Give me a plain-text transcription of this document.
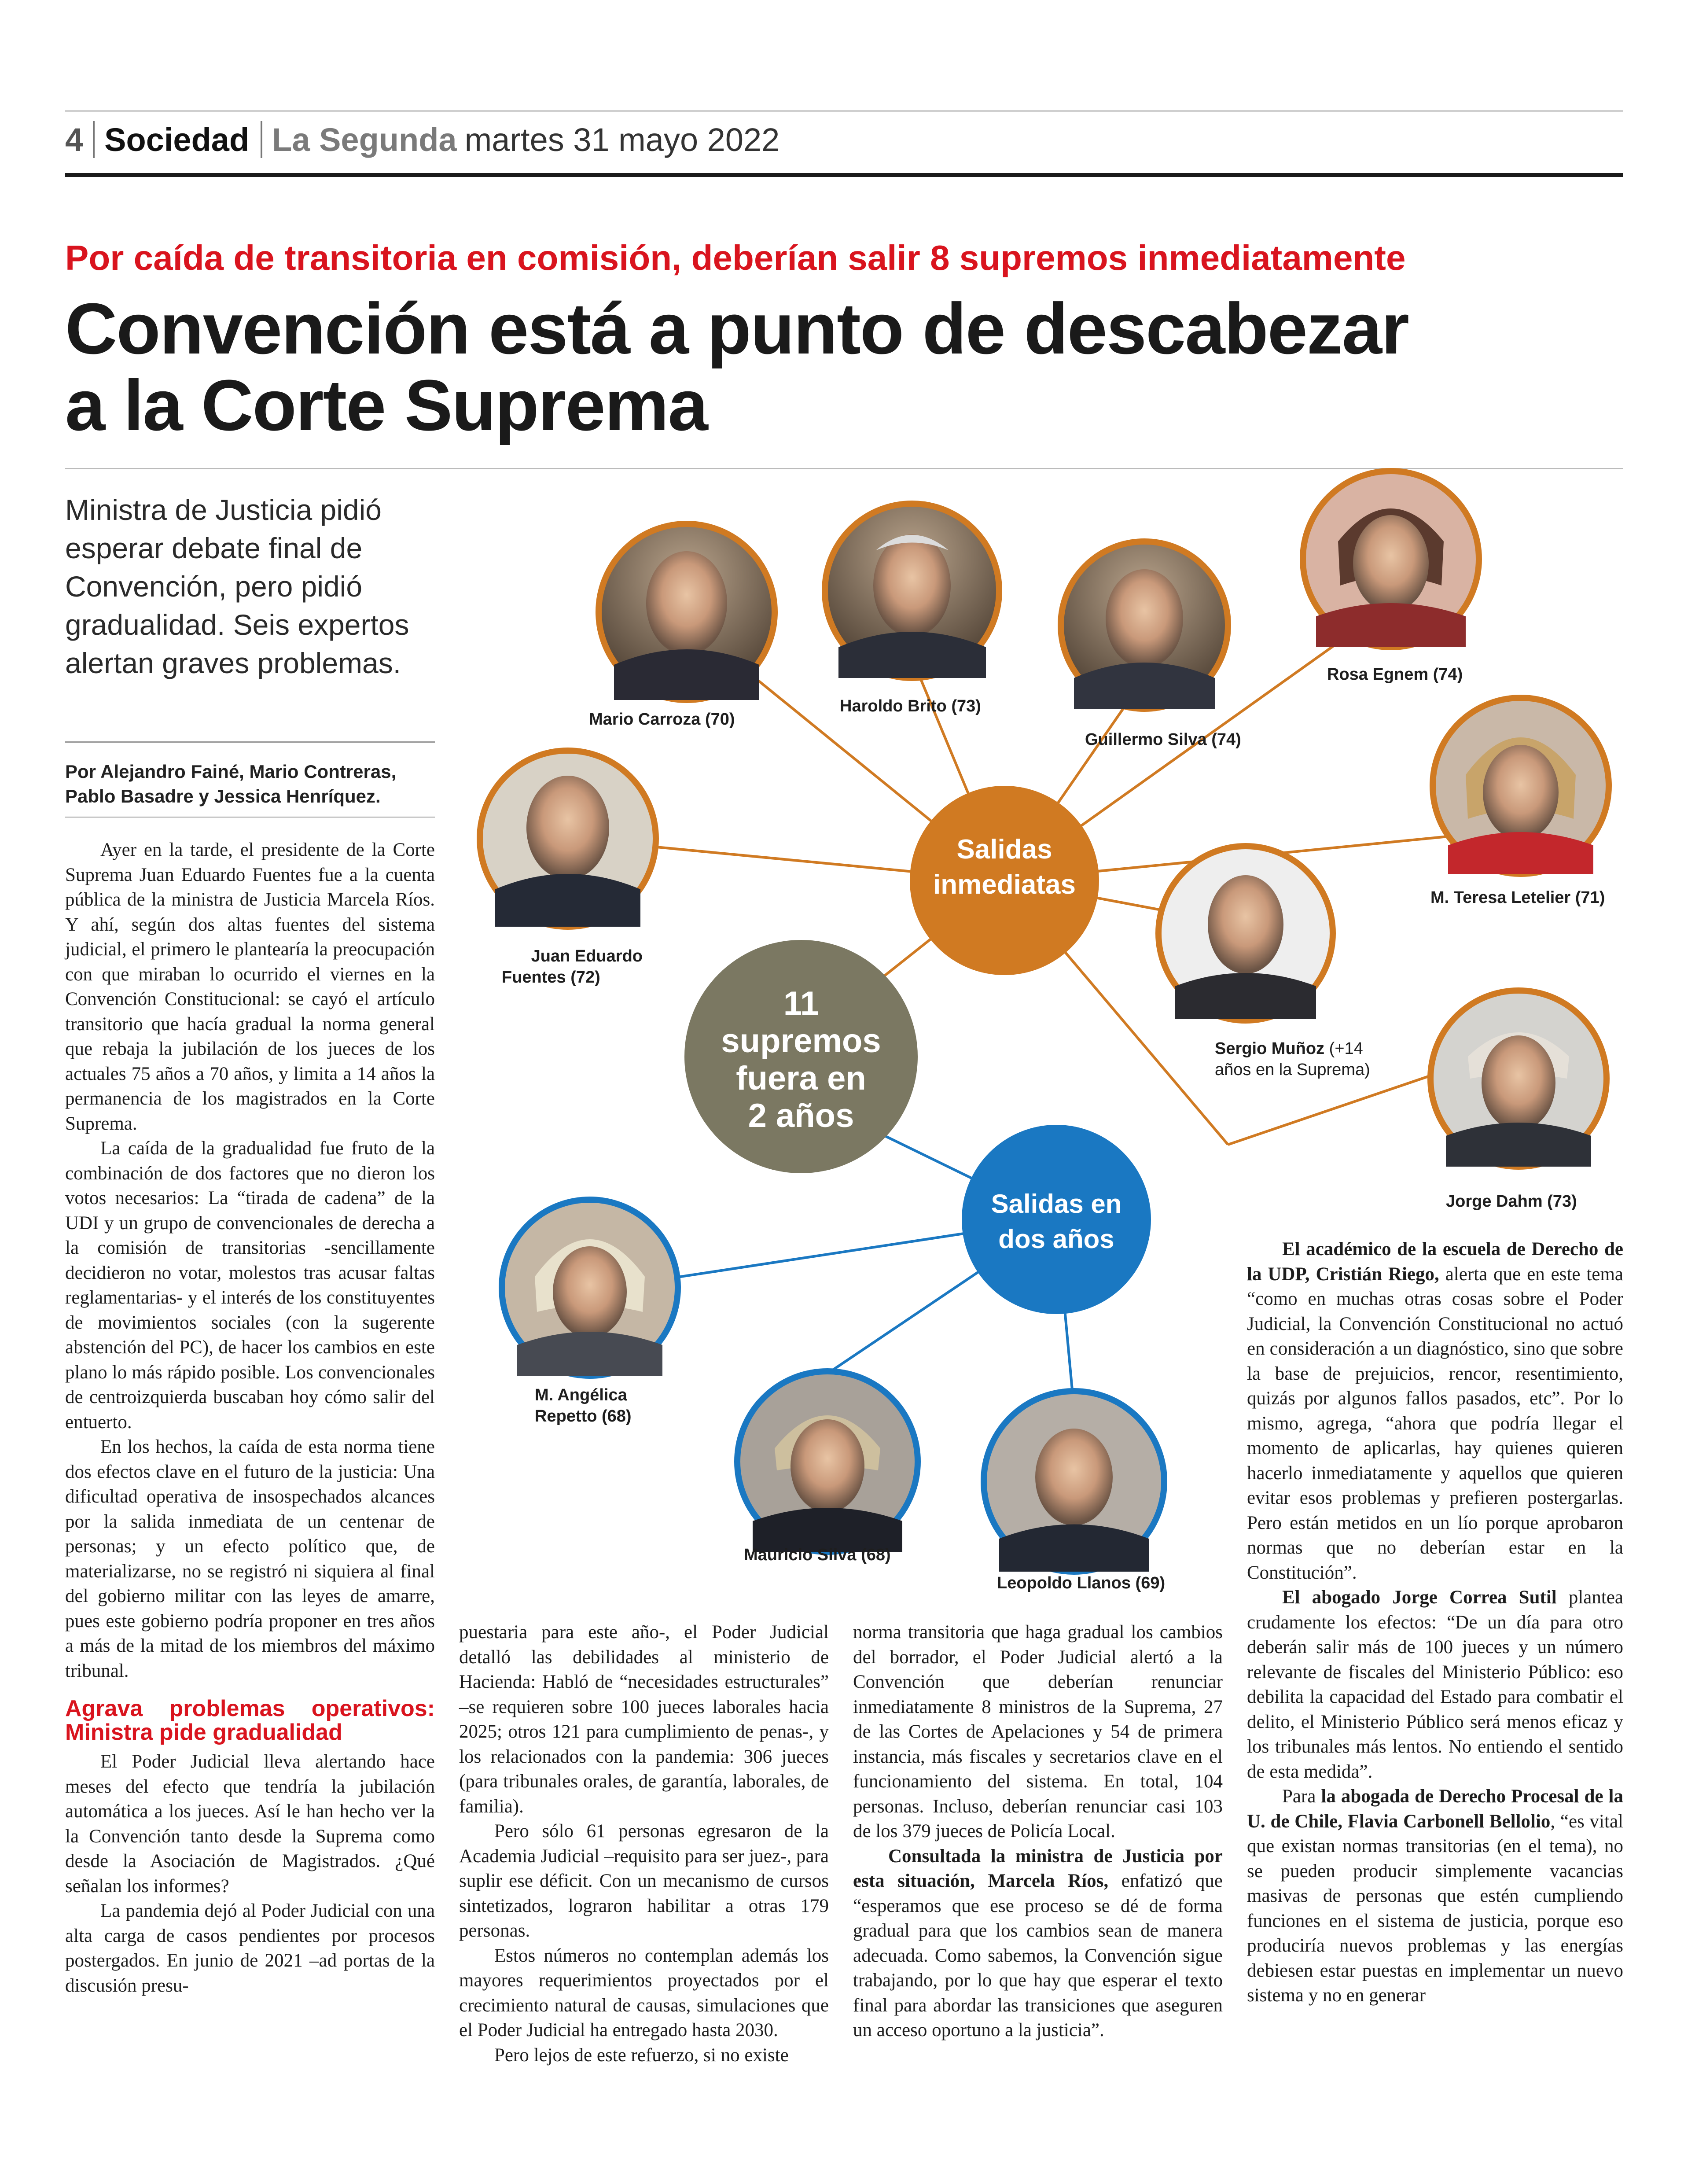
4 Sociedad La Segunda martes 31 mayo 2022
Por caída de transitoria en comisión, deberían salir 8 supremos inmediatamente
Convención está a punto de descabezar
a la Corte Suprema
Ministra de Justicia pidió esperar debate final de Convención, pero pidió gradualidad. Seis expertos alertan graves problemas.
Por Alejandro Fainé, Mario Contreras,
Pablo Basadre y Jessica Henríquez.
Salidas
inmediatas
11
supremos
fuera en
2 años
Salidas en
dos años
Mario Carroza (70)
Haroldo Brito (73)
Guillermo Silva (74)
Rosa Egnem (74)
M. Teresa Letelier (71)
Juan Eduardo
Fuentes (72)
Sergio Muñoz (+14
años en la Suprema)
Jorge Dahm (73)
M. Angélica
Repetto (68)
Mauricio Silva (68)
Leopoldo Llanos (69)

Ayer en la tarde, el presidente de la Corte Suprema Juan Eduardo Fuentes fue a la cuenta pública de la ministra de Justicia Marcela Ríos. Y ahí, según dos altas fuentes del sistema judicial, el primero le plantearía la preocupación con que miraban lo ocurrido el viernes en la Convención Constitucional: se cayó el artículo transitorio que hacía gradual la norma general que rebaja la jubilación de los jueces de los actuales 75 años a 70 años, y limita a 14 años la permanencia de los magistrados en la Corte Suprema.

La caída de la gradualidad fue fruto de la combinación de dos factores que no dieron los votos necesarios: La “tirada de cadena” de la UDI y un grupo de convencionales de derecha a la comisión de transitorias -sencillamente decidieron no votar, molestos tras acusar faltas reglamentarias- y el interés de los constituyentes de movimientos sociales (con la sugerente abstención del PC), de hacer los cambios en este plano lo más rápido posible. Los convencionales de centroizquierda buscaban hoy cómo salir del entuerto.

En los hechos, la caída de esta norma tiene dos efectos clave en el futuro de la justicia: Una dificultad operativa de insospechados alcances por la salida inmediata de un centenar de personas; y un efecto político que, de materializarse, no se registró ni siquiera al final del gobierno militar con las leyes de amarre, pues este gobierno podría proponer en tres años a más de la mitad de los miembros del máximo tribunal.

Agrava problemas operativos: Ministra pide gradualidad

El Poder Judicial lleva alertando hace meses del efecto que tendría la jubilación automática a los jueces. Así le han hecho ver la la Convención tanto desde la Suprema como desde la Asociación de Magistrados. ¿Qué señalan los informes?

La pandemia dejó al Poder Judicial con una alta carga de casos pendientes por procesos postergados. En junio de 2021 –ad portas de la discusión presu-

puestaria para este año-, el Poder Judicial detalló las debilidades al ministerio de Hacienda: Habló de “necesidades estructurales” –se requieren sobre 100 jueces laborales hacia 2025; otros 121 para cumplimiento de penas-, y los relacionados con la pandemia: 306 jueces (para tribunales orales, de garantía, laborales, de familia).

Pero sólo 61 personas egresaron de la Academia Judicial –requisito para ser juez-, para suplir ese déficit. Con un mecanismo de cursos sintetizados, lograron habilitar a otras 179 personas.

Estos números no contemplan además los mayores requerimientos proyectados por el crecimiento natural de causas, simulaciones que el Poder Judicial ha entregado hasta 2030.

Pero lejos de este refuerzo, si no existe

norma transitoria que haga gradual los cambios del borrador, el Poder Judicial alertó a la Convención que deberían renunciar inmediatamente 8 ministros de la Suprema, 27 de las Cortes de Apelaciones y 54 de primera instancia, más fiscales y secretarios clave en el funcionamiento del sistema. En total, 104 personas. Incluso, deberían renunciar casi 103 de los 379 jueces de Policía Local.

Consultada la ministra de Justicia por esta situación, Marcela Ríos, enfatizó que “esperamos que ese proceso se dé de forma gradual para que los cambios sean de manera adecuada. Como sabemos, la Convención sigue trabajando, por lo que hay que esperar el texto final para abordar las transiciones que aseguren un acceso oportuno a la justicia”.

El académico de la escuela de Derecho de la UDP, Cristián Riego, alerta que en este tema “como en muchas otras cosas sobre el Poder Judicial, la Convención Constitucional no actuó en consideración a un diagnóstico, sino que sobre la base de prejuicios, rencor, resentimiento, quizás por algunos fallos pasados, etc”. Por lo mismo, agrega, “ahora que podría llegar el momento de aplicarlas, hay quienes quieren hacerlo inmediatamente y aquellos que quieren evitar esos problemas y prefieren postergarlas. Pero están metidos en un lío porque aprobaron normas que no deberían estar en la Constitución”.

El abogado Jorge Correa Sutil plantea crudamente los efectos: “De un día para otro deberán salir más de 100 jueces y un número relevante de fiscales del Ministerio Público: eso debilita la capacidad del Estado para combatir el delito, el Ministerio Público será menos eficaz y los tribunales más lentos. No entiendo el sentido de esta medida”.

Para la abogada de Derecho Procesal de la U. de Chile, Flavia Carbonell Bellolio, “es vital que existan normas transitorias (en el tema), no se pueden producir simplemente vacancias masivas de personas que estén cumpliendo funciones en el sistema de justicia, porque eso produciría nuevos problemas y las energías debiesen estar puestas en implementar un nuevo sistema y no en generar
